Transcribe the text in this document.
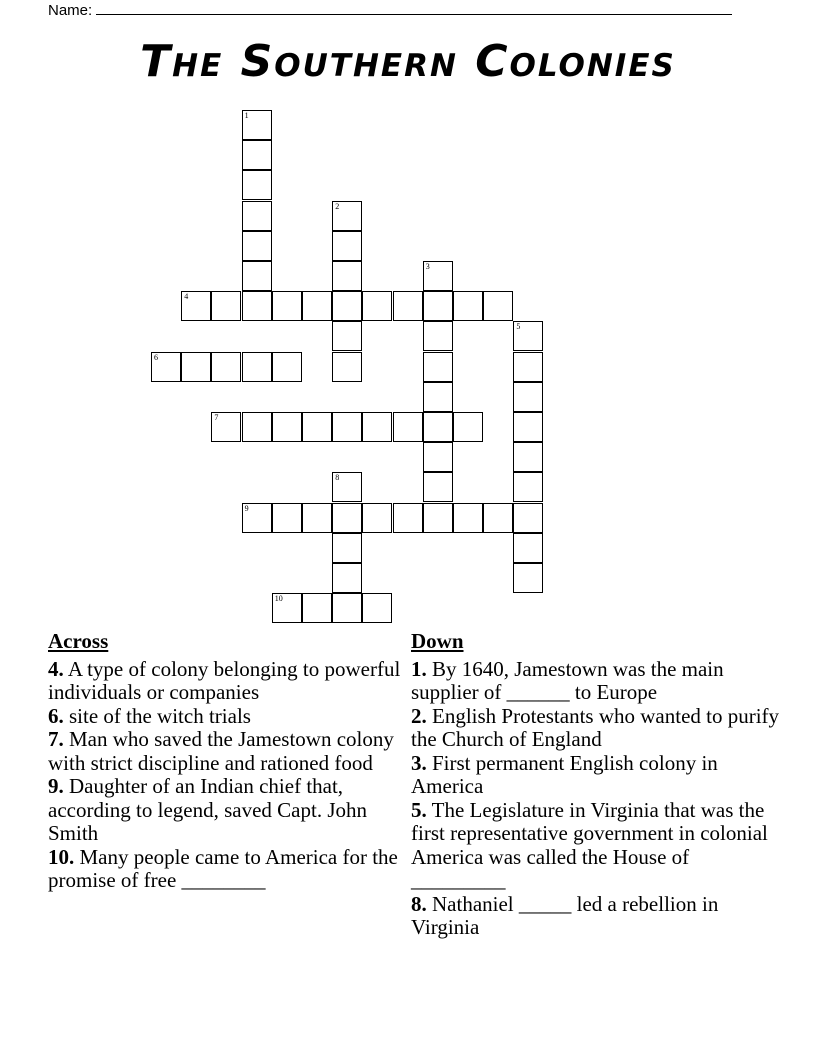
Name:
The Southern Colonies
1
2
3
4
5
6
7
8
9
10
Across

4. A type of colony belonging to powerful individuals or companies

6. site of the witch trials

7. Man who saved the Jamestown colony with strict discipline and rationed food

9. Daughter of an Indian chief that, according to legend, saved Capt. John Smith

10. Many people came to America for the promise of free ________

Down

1. By 1640, Jamestown was the main supplier of ______ to Europe

2. English Protestants who wanted to purify the Church of England

3. First permanent English colony in America

5. The Legislature in Virginia that was the first representative government in colonial America was called the House of _________

8. Nathaniel _____ led a rebellion in Virginia
